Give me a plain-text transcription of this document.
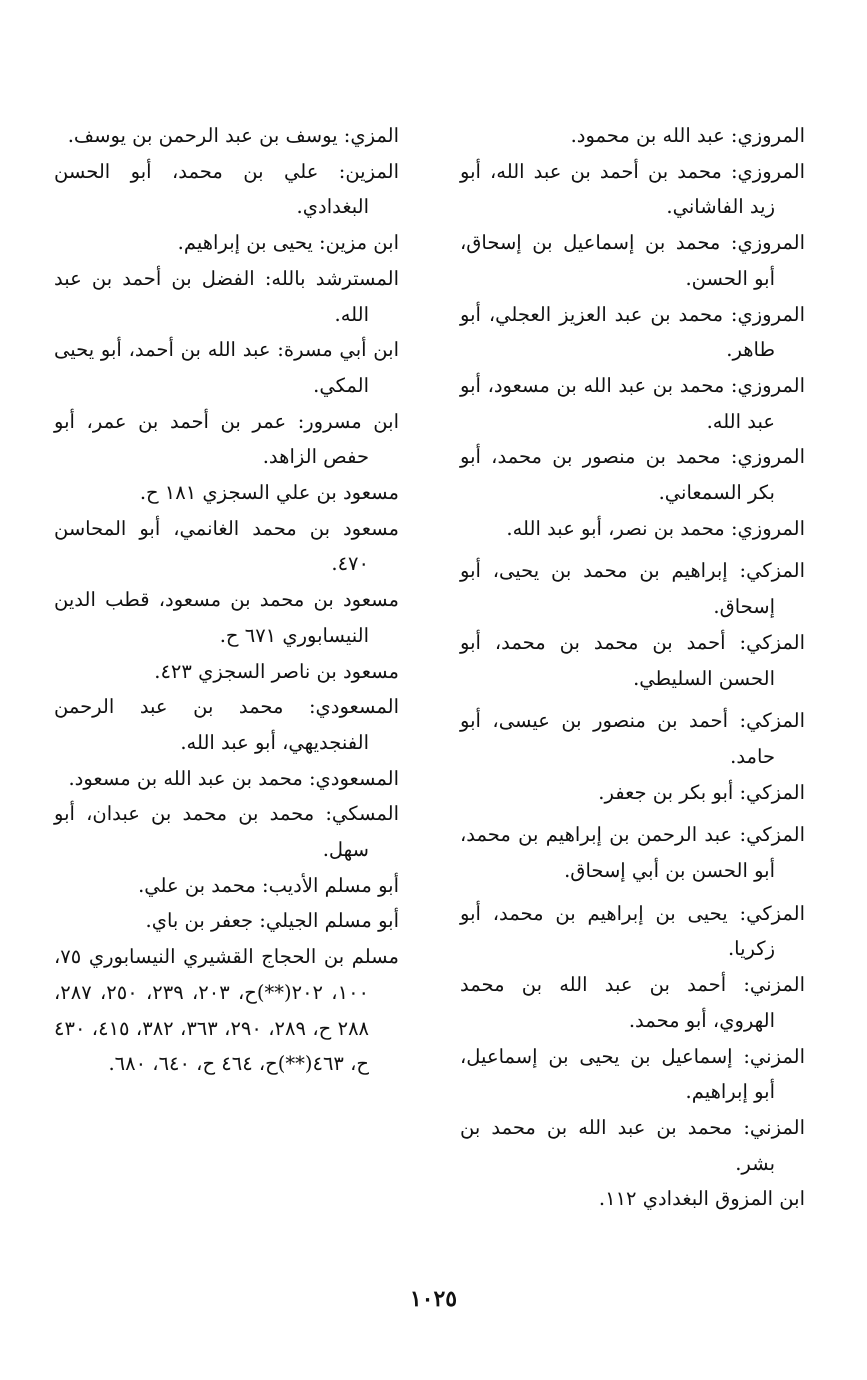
المروزي: عبد الله بن محمود.

المروزي: محمد بن أحمد بن عبد الله، أبو زيد الفاشاني.

المروزي: محمد بن إسماعيل بن إسحاق، أبو الحسن.

المروزي: محمد بن عبد العزيز العجلي، أبو طاهر.

المروزي: محمد بن عبد الله بن مسعود، أبو عبد الله.

المروزي: محمد بن منصور بن محمد، أبو بكر السمعاني.

المروزي: محمد بن نصر، أبو عبد الله.

المزكي: إبراهيم بن محمد بن يحيى، أبو إسحاق.

المزكي: أحمد بن محمد بن محمد، أبو الحسن السليطي.

المزكي: أحمد بن منصور بن عيسى، أبو حامد.

المزكي: أبو بكر بن جعفر.

المزكي: عبد الرحمن بن إبراهيم بن محمد، أبو الحسن بن أبي إسحاق.

المزكي: يحيى بن إبراهيم بن محمد، أبو زكريا.

المزني: أحمد بن عبد الله بن محمد الهروي، أبو محمد.

المزني: إسماعيل بن يحيى بن إسماعيل، أبو إبراهيم.

المزني: محمد بن عبد الله بن محمد بن بشر.

ابن المزوق البغدادي ١١٢.

المزي: يوسف بن عبد الرحمن بن يوسف.

المزين: علي بن محمد، أبو الحسن البغدادي.

ابن مزين: يحيى بن إبراهيم.

المسترشد بالله: الفضل بن أحمد بن عبد الله.

ابن أبي مسرة: عبد الله بن أحمد، أبو يحيى المكي.

ابن مسرور: عمر بن أحمد بن عمر، أبو حفص الزاهد.

مسعود بن علي السجزي ١٨١ ح.

مسعود بن محمد الغانمي، أبو المحاسن ٤٧٠.

مسعود بن محمد بن مسعود، قطب الدين النيسابوري ٦٧١ ح.

مسعود بن ناصر السجزي ٤٢٣.

المسعودي: محمد بن عبد الرحمن الفنجديهي، أبو عبد الله.

المسعودي: محمد بن عبد الله بن مسعود.

المسكي: محمد بن محمد بن عبدان، أبو سهل.

أبو مسلم الأديب: محمد بن علي.

أبو مسلم الجيلي: جعفر بن باي.

مسلم بن الحجاج القشيري النيسابوري ٧٥، ١٠٠، ٢٠٢(**)ح، ٢٠٣، ٢٣٩، ٢٥٠، ٢٨٧، ٢٨٨ ح، ٢٨٩، ٢٩٠، ٣٦٣، ٣٨٢، ٤١٥، ٤٣٠ ح، ٤٦٣(**)ح، ٤٦٤ ح، ٦٤٠، ٦٨٠.

١٠٢٥
